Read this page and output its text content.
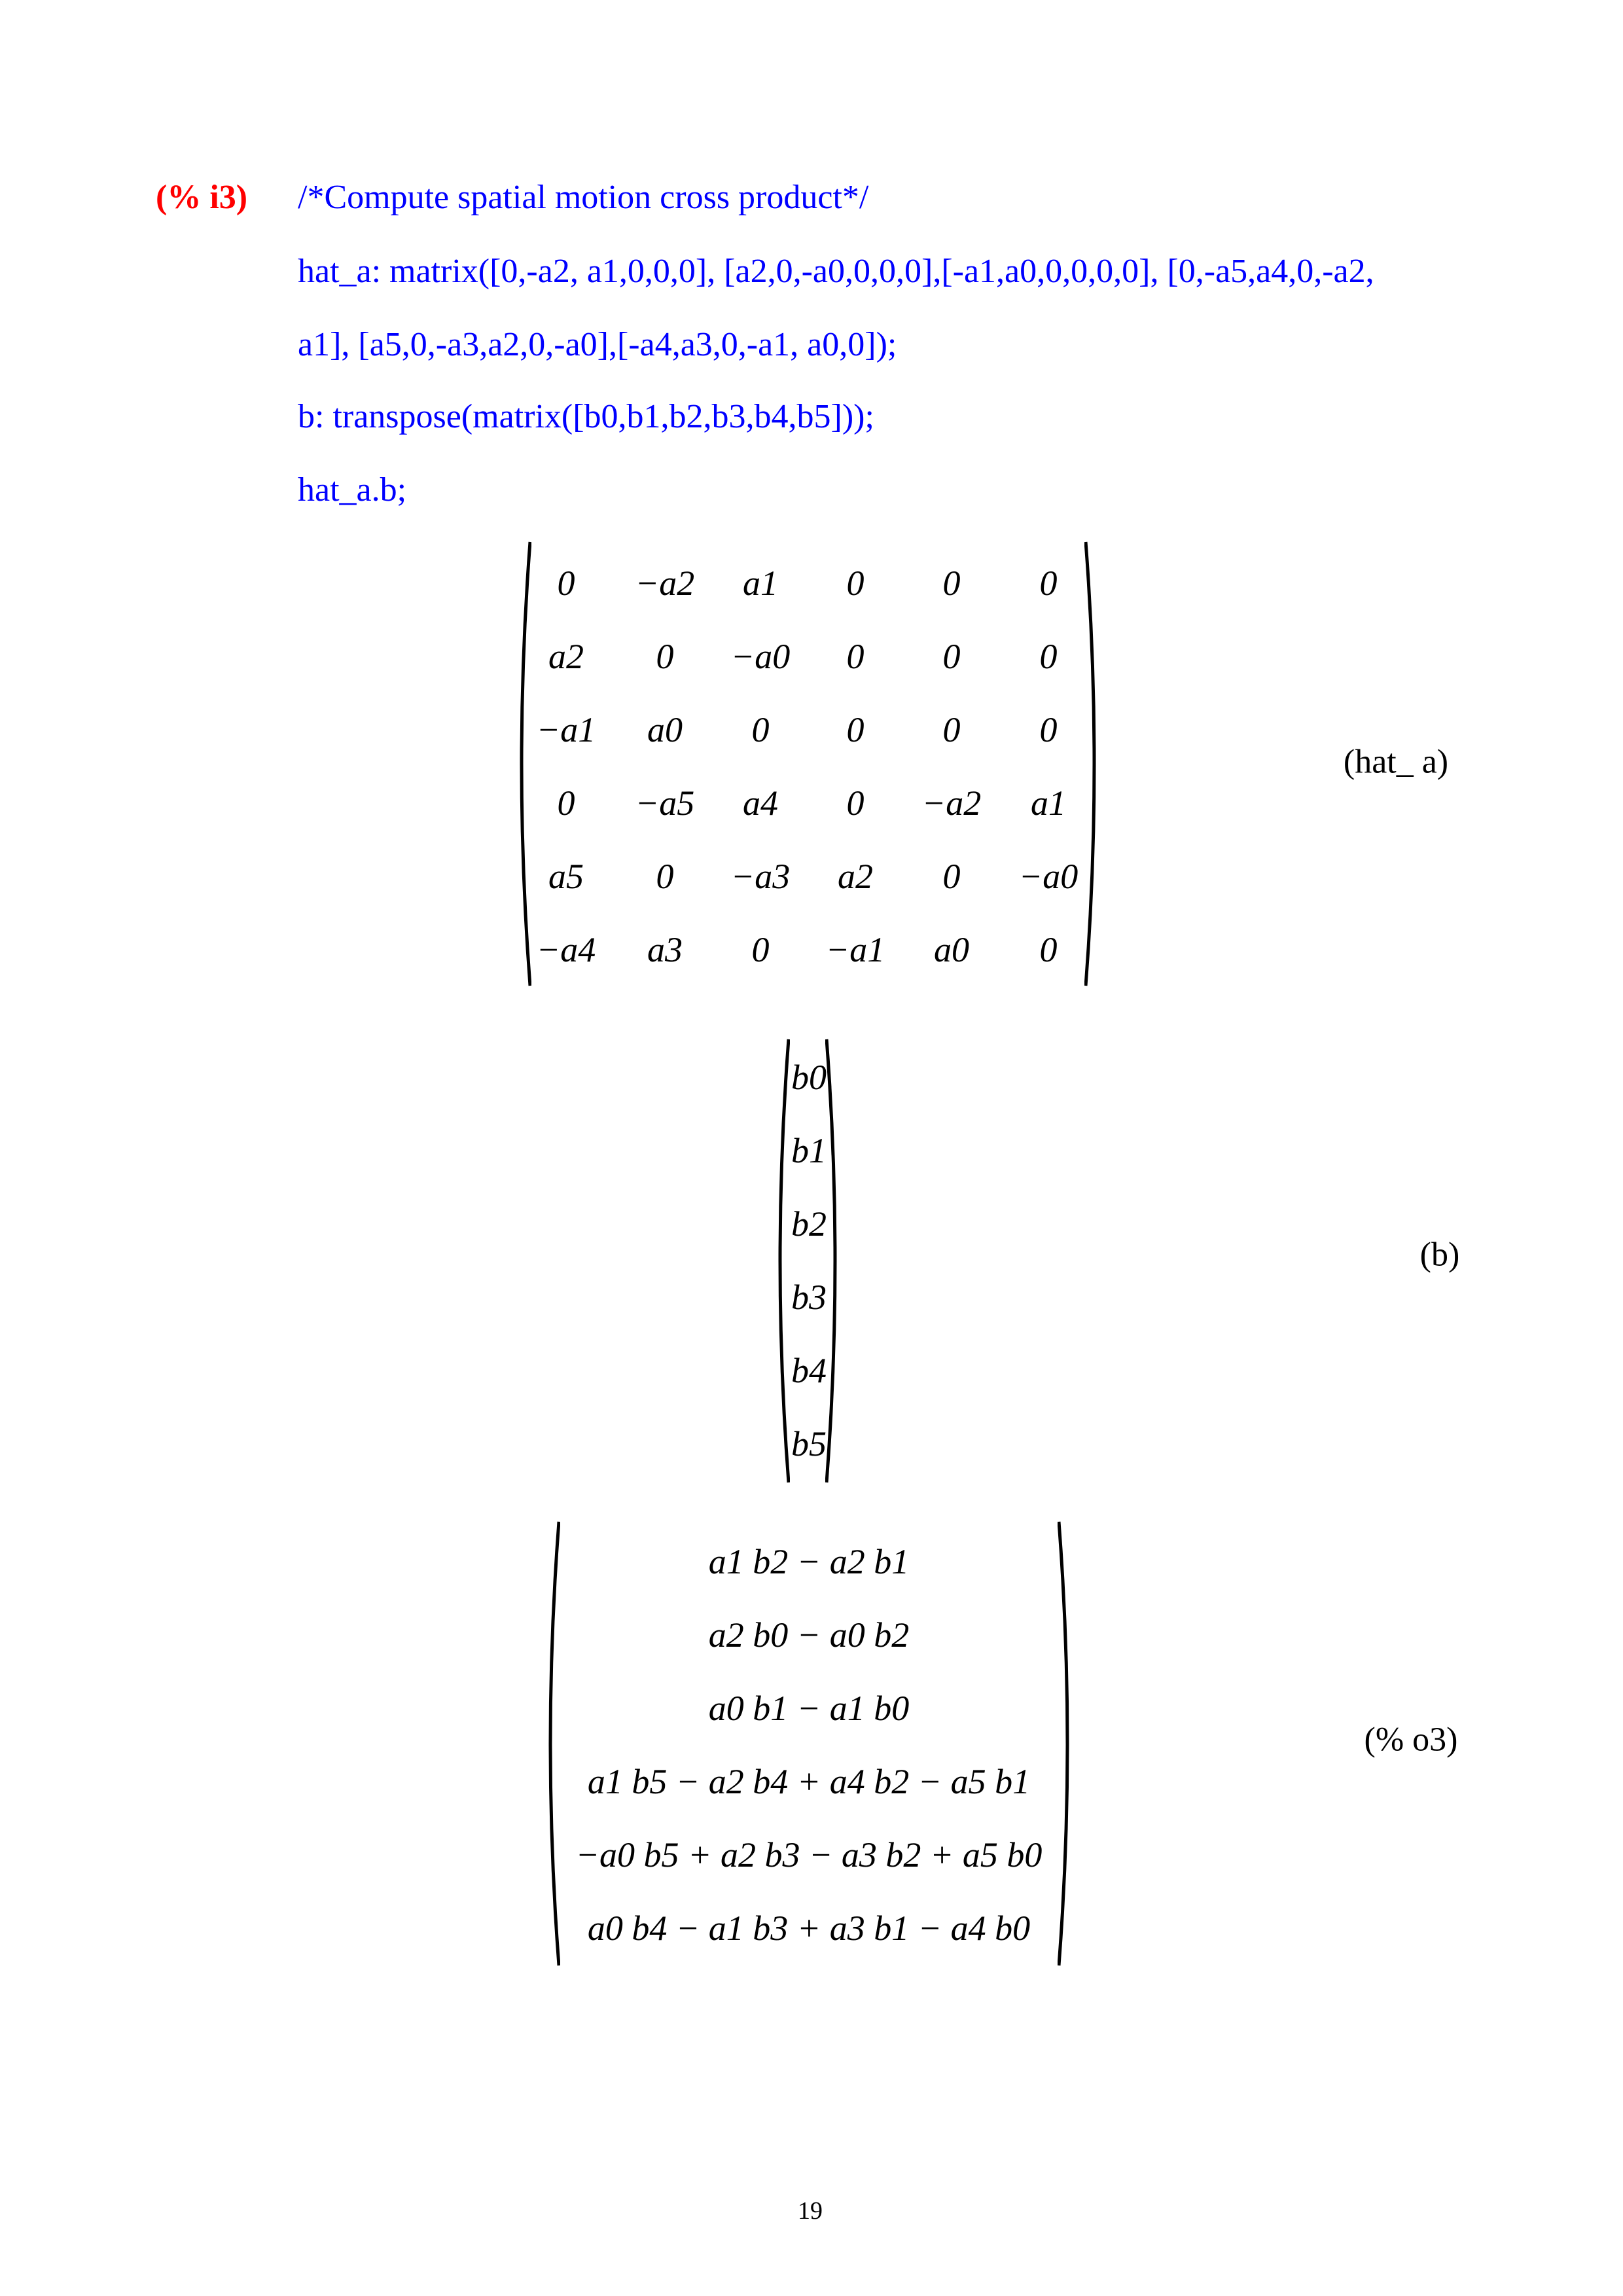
(% i3) /*Compute spatial motion cross product*/
hat_a: matrix([0,-a2, a1,0,0,0], [a2,0,-a0,0,0,0],[-a1,a0,0,0,0,0], [0,-a5,a4,0,-a2,
a1], [a5,0,-a3,a2,0,-a0],[-a4,a3,0,-a1, a0,0]);
b: transpose(matrix([b0,b1,b2,b3,b4,b5]));
hat_a.b;
0 −a2 a1 0 0 0
a2 0 −a0 0 0 0
−a1 a0 0 0 0 0
0 −a5 a4 0 −a2 a1
a5 0 −a3 a2 0 −a0
−a4 a3 0 −a1 a0 0
(hat_ a)
b0
b1
b2
b3
b4
b5
(b)
a1 b2 − a2 b1
a2 b0 − a0 b2
a0 b1 − a1 b0
a1 b5 − a2 b4 + a4 b2 − a5 b1
−a0 b5 + a2 b3 − a3 b2 + a5 b0
a0 b4 − a1 b3 + a3 b1 − a4 b0
(% o3)
19
